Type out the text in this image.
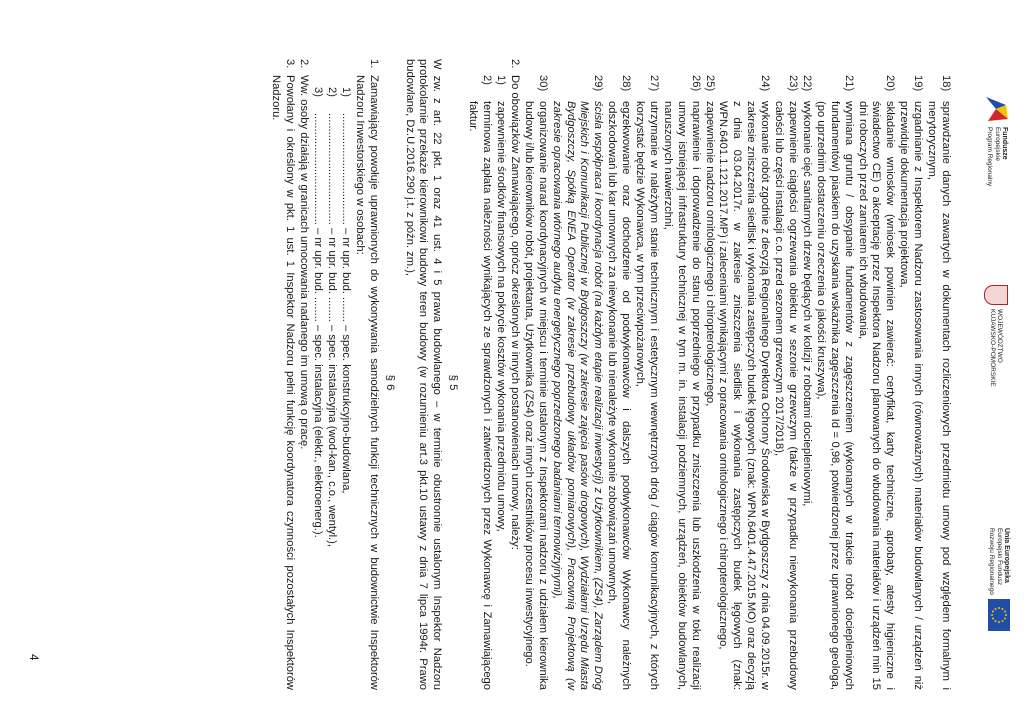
Fundusze
Europejskie
Program Regionalny
WOJEWÓDZTWO
KUJAWSKO-POMORSKIE
Unia Europejska
Europejski Fundusz
Rozwoju Regionalnego
18)
sprawdzanie danych zawartych w dokumentach rozliczeniowych przedmiotu umowy pod względem formalnym i merytorycznym,
19)
uzgadnianie z Inspektorem Nadzoru zastosowania innych (równoważnych) materiałów budowlanych / urządzeń niż przewiduje dokumentacja projektowa,
20)
składanie wniosków (wniosek powinien zawierać: certyfikat, karty techniczne, aprobaty, atesty higieniczne i świadectwo CE) o akceptację przez Inspektora Nadzoru planowanych do wbudowania materiałów i urządzeń min 15 dni roboczych przed zamiarem ich wbudowania,
21)
wymiana gruntu / obsypanie fundamentów z zagęszczeniem (wykonanych w trakcie robót dociepleniowych fundamentów) piaskiem do uzyskania wskaźnika zagęszczenia Id = 0,98, potwierdzonej przez uprawnionego geologa, (po uprzednim dostarczeniu orzeczenia o jakości kruszywa),
22)
wykonanie cięć sanitarnych drzew będących w kolizji z robotami dociepleniowymi,
23)
zapewnienie ciągłości ogrzewania obiektu w sezonie grzewczym (także w przypadku niewykonania przebudowy całości lub części instalacji c.o. przed sezonem grzewczym 2017/2018),
24)
wykonanie robót zgodnie z decyzją Regionalnego Dyrektora Ochrony Środowiska w Bydgoszczy z dnia 04.09.2015r. w zakresie zniszczenia siedlisk i wykonania zastępczych budek lęgowych (znak: WPN.6401.4.47.2015.MO) oraz decyzją z dnia 03.04.2017r. w zakresie zniszczenia siedlisk i wykonania zastępczych budek lęgowych (znak: WPN.6401.1.121.2017.MP) i zaleceniami wynikającymi z opracowania ornitologicznego i chiropterologicznego,
25)
zapewnienie nadzoru ornitologicznego i chiropterologicznego,
26)
naprawienie i doprowadzenie do stanu poprzedniego w przypadku zniszczenia lub uszkodzenia w toku realizacji umowy istniejącej infrastruktury technicznej w tym m. in. instalacji podziemnych, urządzeń, obiektów budowlanych, naruszonych nawierzchni,
27)
utrzymanie w należytym stanie technicznym i estetycznym wewnętrznych dróg / ciągów komunikacyjnych, z których korzystać będzie Wykonawca, w tym przeciwpożarowych,
28)
egzekwowanie oraz dochodzenie od podwykonawców i dalszych podwykonawców Wykonawcy należnych odszkodowań lub kar umownych za niewykonanie lub nienależyte wykonanie zobowiązań umownych,
29)
ścisła współpraca i koordynacja robót (na każdym etapie realizacji inwestycji) z Użytkownikiem, (ZS4), Zarządem Dróg Miejskich i Komunikacji Publicznej w Bydgoszczy (w zakresie zajęcia pasów drogowych), Wydziałami Urzędu Miasta Bydgoszczy, Spółką ENEA Operator (w zakresie przebudowy układów pomiarowych), Pracownią Projektową (w zakresie opracowania wtórnego audytu energetycznego poprzedzonego badaniami termowizyjnymi),
30)
organizowanie narad koordynacyjnych w miejscu i terminie ustalonym z Inspektorami nadzoru z udziałem kierownika budowy i/lub kierowników robót, projektanta, Użytkownika (ZS4) oraz innych uczestników procesu inwestycyjnego.
2.
Do obowiązków Zamawiającego, oprócz określonych w innych postanowieniach umowy, należy:
1)
zapewnienie środków finansowych na pokrycie kosztów wykonania przedmiotu umowy,
2)
terminowa zapłata należności wynikających ze sprawdzonych i zatwierdzonych przez Wykonawcę i Zamawiającego faktur.
§ 5
W zw. z art. 22 pkt. 1 oraz 41 ust. 4 i 5 prawa budowlanego – w terminie obustronnie ustalonym Inspektor Nadzoru protokolarnie przekaże kierownikowi budowy teren budowy (w rozumieniu art.3 pkt.10 ustawy z dnia 7 lipca 1994r. Prawo budowlane, Dz.U.2016.290 j.t. z późn. zm.),
§ 6
1.
Zamawiający powołuje uprawnionych do wykonywania samodzielnych funkcji technicznych w budownictwie Inspektorów Nadzoru Inwestorskiego w osobach:
1)
.................................... – nr upr. bud. ........ – spec. konstrukcyjno-budowlana,
2)
.................................... – nr upr. bud. ........ – spec. instalacyjna (wod-kan., c.o., wentyl.),
3)
.................................... – nr upr. bud. ........ – spec. instalacyjna (elektr., elektroenerg.).
2.
Ww. osoby działają w granicach umocowania nadanego im umową o pracę.
3.
Powołany i określony w pkt. 1 ust. 1 Inspektor Nadzoru pełni funkcję koordynatora czynności pozostałych Inspektorów Nadzoru.
4
